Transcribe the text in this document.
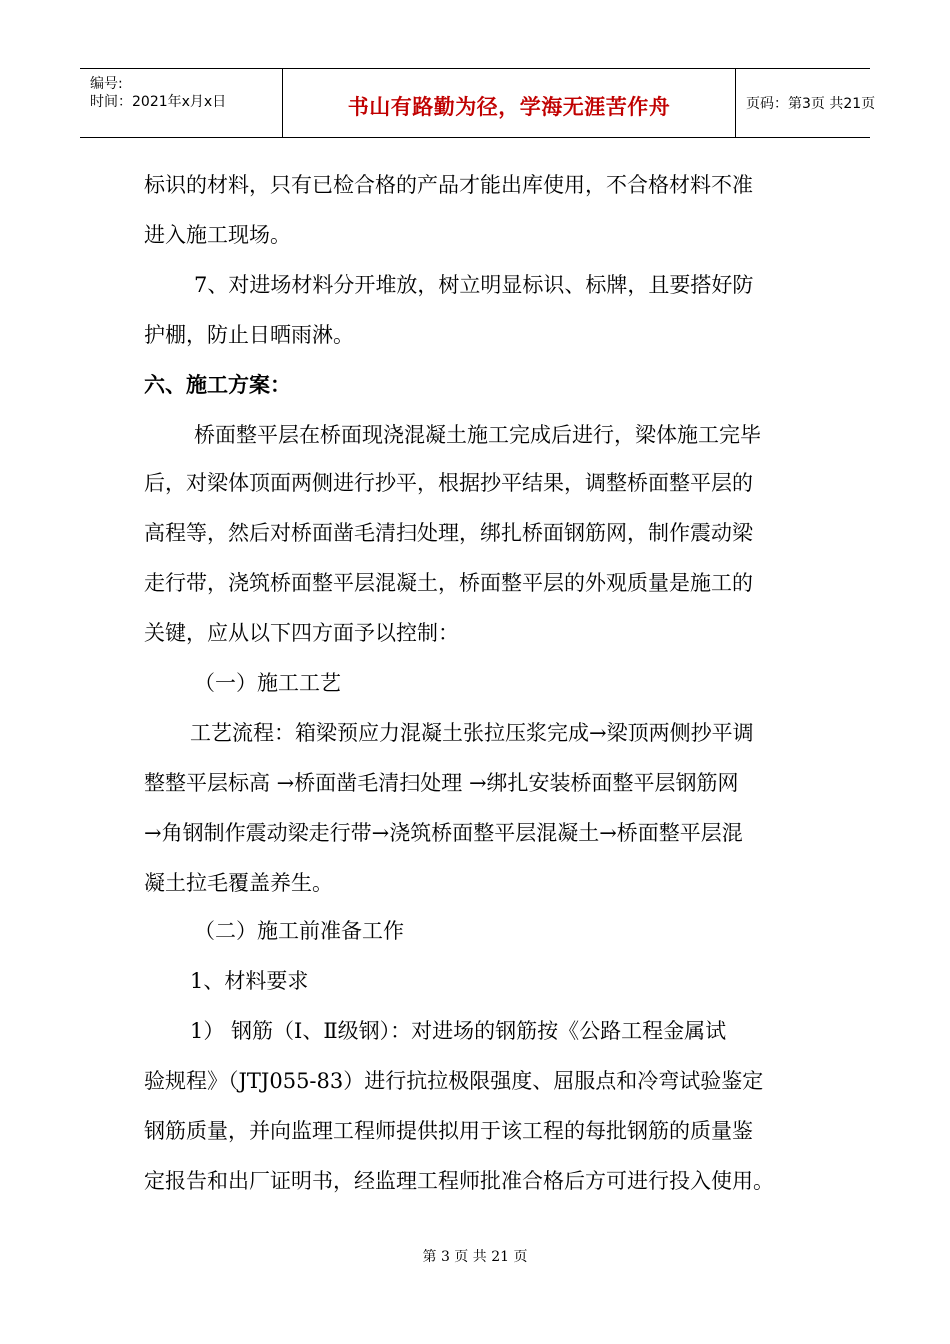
编号:
时间：2021年x月x日	书山有路勤为径，学海无涯苦作舟	页码：第3页 共21页
标识的材料，只有已检合格的产品才能出库使用，不合格材料不准
进入施工现场。
7、对进场材料分开堆放，树立明显标识、标牌，且要搭好防
护棚，防止日晒雨淋。
六、施工方案：
桥面整平层在桥面现浇混凝土施工完成后进行，梁体施工完毕
后，对梁体顶面两侧进行抄平，根据抄平结果，调整桥面整平层的
高程等，然后对桥面凿毛清扫处理，绑扎桥面钢筋网，制作震动梁
走行带，浇筑桥面整平层混凝土，桥面整平层的外观质量是施工的
关键，应从以下四方面予以控制：
（一）施工工艺
工艺流程：箱梁预应力混凝土张拉压浆完成→梁顶两侧抄平调
整整平层标高 →桥面凿毛清扫处理 →绑扎安装桥面整平层钢筋网
→角钢制作震动梁走行带→浇筑桥面整平层混凝土→桥面整平层混
凝土拉毛覆盖养生。
（二）施工前准备工作
1、材料要求
1） 钢筋（Ⅰ、Ⅱ级钢）：对进场的钢筋按《公路工程金属试
验规程》（JTJ055-83）进行抗拉极限强度、屈服点和冷弯试验鉴定
钢筋质量，并向监理工程师提供拟用于该工程的每批钢筋的质量鉴
定报告和出厂证明书，经监理工程师批准合格后方可进行投入使用。
第 3 页 共 21 页
